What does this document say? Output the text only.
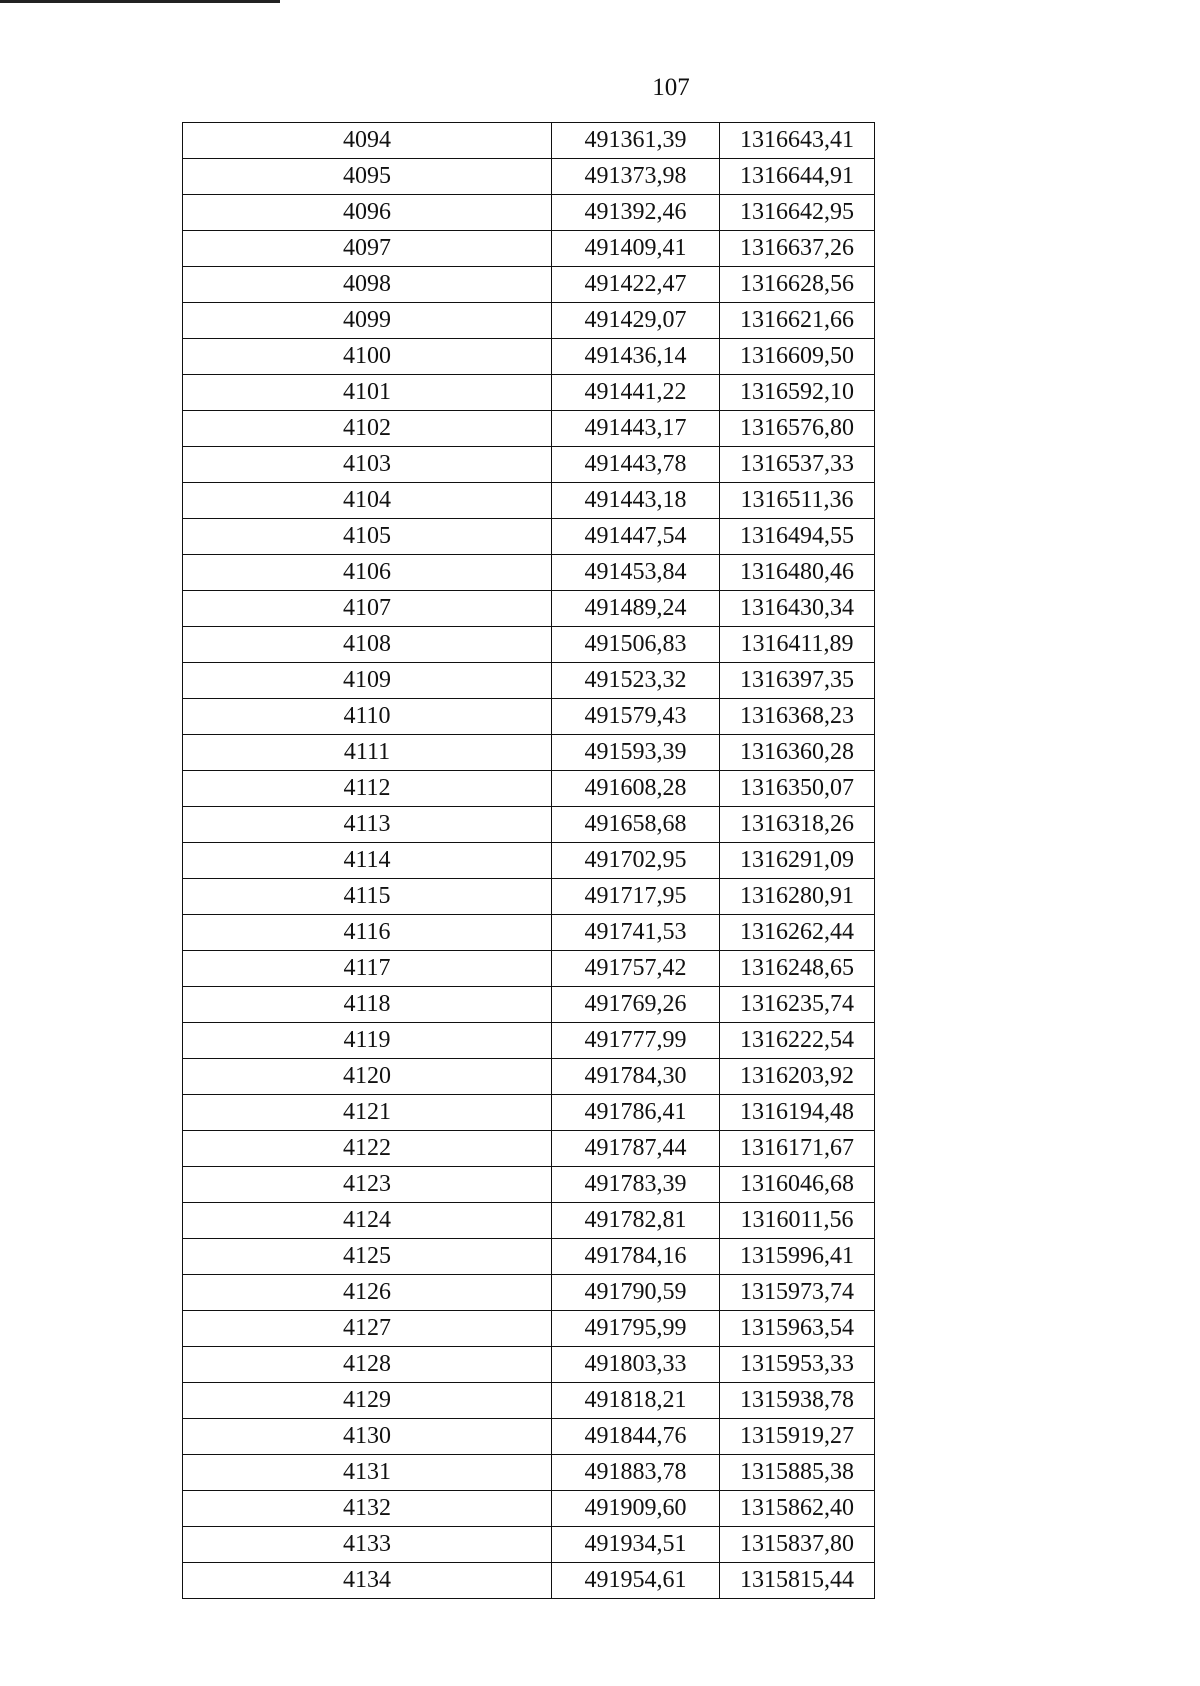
107
4094	491361,39	1316643,41
4095	491373,98	1316644,91
4096	491392,46	1316642,95
4097	491409,41	1316637,26
4098	491422,47	1316628,56
4099	491429,07	1316621,66
4100	491436,14	1316609,50
4101	491441,22	1316592,10
4102	491443,17	1316576,80
4103	491443,78	1316537,33
4104	491443,18	1316511,36
4105	491447,54	1316494,55
4106	491453,84	1316480,46
4107	491489,24	1316430,34
4108	491506,83	1316411,89
4109	491523,32	1316397,35
4110	491579,43	1316368,23
4111	491593,39	1316360,28
4112	491608,28	1316350,07
4113	491658,68	1316318,26
4114	491702,95	1316291,09
4115	491717,95	1316280,91
4116	491741,53	1316262,44
4117	491757,42	1316248,65
4118	491769,26	1316235,74
4119	491777,99	1316222,54
4120	491784,30	1316203,92
4121	491786,41	1316194,48
4122	491787,44	1316171,67
4123	491783,39	1316046,68
4124	491782,81	1316011,56
4125	491784,16	1315996,41
4126	491790,59	1315973,74
4127	491795,99	1315963,54
4128	491803,33	1315953,33
4129	491818,21	1315938,78
4130	491844,76	1315919,27
4131	491883,78	1315885,38
4132	491909,60	1315862,40
4133	491934,51	1315837,80
4134	491954,61	1315815,44
